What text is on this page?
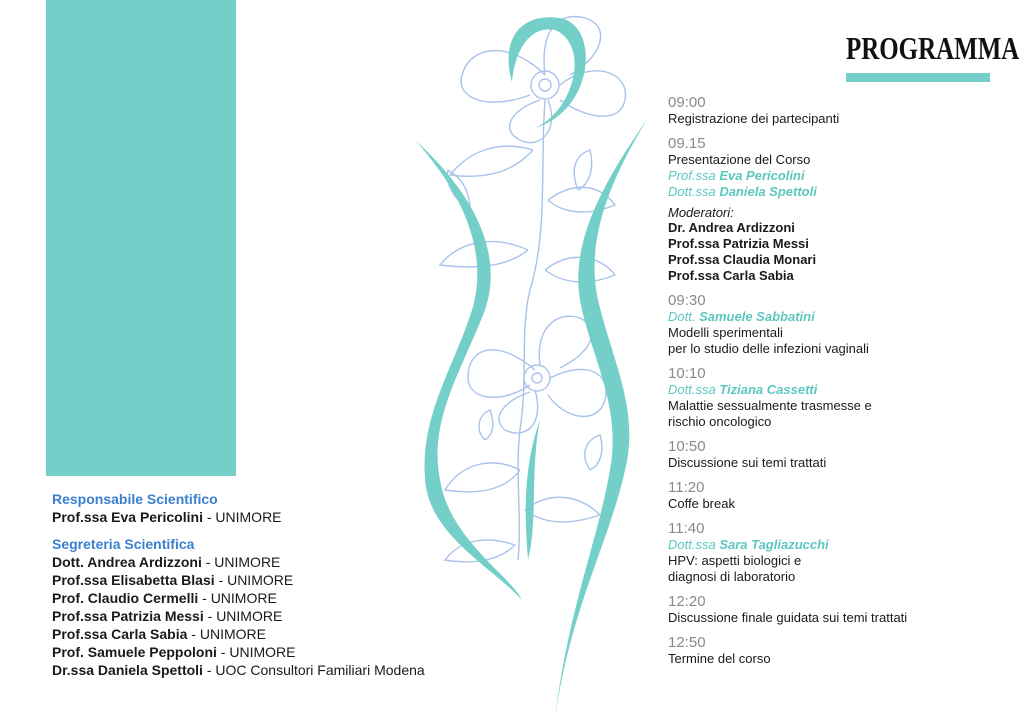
PROGRAMMA
09:00
Registrazione dei partecipanti
09.15
Presentazione del Corso
Prof.ssa Eva Pericolini
Dott.ssa Daniela Spettoli
Moderatori:
Dr. Andrea Ardizzoni
Prof.ssa Patrizia Messi
Prof.ssa Claudia Monari
Prof.ssa Carla Sabia
09:30
Dott. Samuele Sabbatini
Modelli sperimentali
per lo studio delle infezioni vaginali
10:10
Dott.ssa Tiziana Cassetti
Malattie sessualmente trasmesse e
rischio oncologico
10:50
Discussione sui temi trattati
11:20
Coffe break
11:40
Dott.ssa Sara Tagliazucchi
HPV: aspetti biologici e
diagnosi di laboratorio
12:20
Discussione finale guidata sui temi trattati
12:50
Termine del corso
Responsabile Scientifico
Prof.ssa Eva Pericolini - UNIMORE
Segreteria Scientifica
Dott. Andrea Ardizzoni - UNIMORE
Prof.ssa Elisabetta Blasi - UNIMORE
Prof. Claudio Cermelli - UNIMORE
Prof.ssa Patrizia Messi - UNIMORE
Prof.ssa Carla Sabia - UNIMORE
Prof. Samuele Peppoloni - UNIMORE
Dr.ssa Daniela Spettoli - UOC Consultori Familiari Modena
